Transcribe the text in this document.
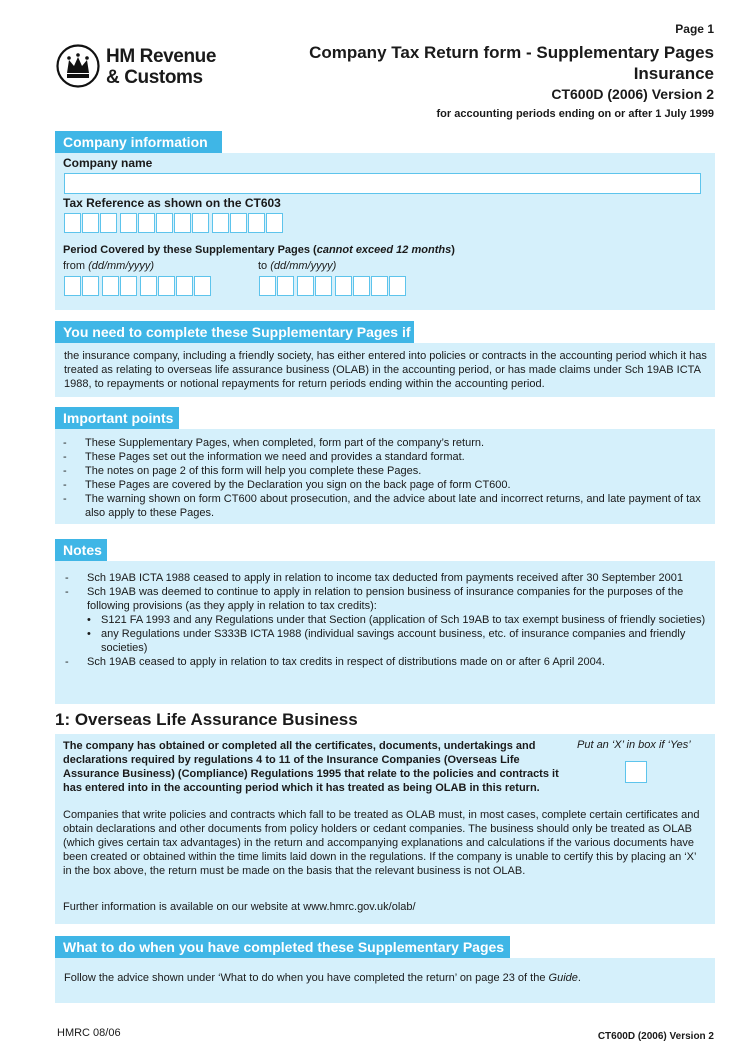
Page 1
HM Revenue
& Customs
Company Tax Return form - Supplementary Pages
Insurance
CT600D (2006) Version 2
for accounting periods ending on or after 1 July 1999
Company information
Company name
Tax Reference as shown on the CT603
Period Covered by these Supplementary Pages (cannot exceed 12 months)
from (dd/mm/yyyy)	to (dd/mm/yyyy)
You need to complete these Supplementary Pages if
the insurance company, including a friendly society, has either entered into policies or contracts in the accounting period which it has treated as relating to overseas life assurance business (OLAB) in the accounting period, or has made claims under Sch 19AB ICTA 1988, to repayments or notional repayments for return periods ending within the accounting period.
Important points
- These Supplementary Pages, when completed, form part of the company’s return.
- These Pages set out the information we need and provides a standard format.
- The notes on page 2 of this form will help you complete these Pages.
- These Pages are covered by the Declaration you sign on the back page of form CT600.
- The warning shown on form CT600 about prosecution, and the advice about late and incorrect returns, and late payment of tax also apply to these Pages.
Notes
- Sch 19AB ICTA 1988 ceased to apply in relation to income tax deducted from payments received after 30 September 2001
- Sch 19AB was deemed to continue to apply in relation to pension business of insurance companies for the purposes of the following provisions (as they apply in relation to tax credits):
• S121 FA 1993 and any Regulations under that Section (application of Sch 19AB to tax exempt business of friendly societies)
• any Regulations under S333B ICTA 1988 (individual savings account business, etc. of insurance companies and friendly societies)
- Sch 19AB ceased to apply in relation to tax credits in respect of distributions made on or after 6 April 2004.
1: Overseas Life Assurance Business
The company has obtained or completed all the certificates, documents, undertakings and declarations required by regulations 4 to 11 of the Insurance Companies (Overseas Life Assurance Business) (Compliance) Regulations 1995 that relate to the policies and contracts it has entered into in the accounting period which it has treated as being OLAB in this return.
Put an ‘X’ in box if ‘Yes’
Companies that write policies and contracts which fall to be treated as OLAB must, in most cases, complete certain certificates and obtain declarations and other documents from policy holders or cedant companies. The business should only be treated as OLAB (which gives certain tax advantages) in the return and accompanying explanations and calculations if the various documents have been created or obtained within the time limits laid down in the regulations. If the company is unable to certify this by placing an ‘X’ in the box above, the return must be made on the basis that the relevant business is not OLAB.
Further information is available on our website at www.hmrc.gov.uk/olab/
What to do when you have completed these Supplementary Pages
Follow the advice shown under ‘What to do when you have completed the return’ on page 23 of the Guide.
HMRC 08/06	CT600D (2006) Version 2
